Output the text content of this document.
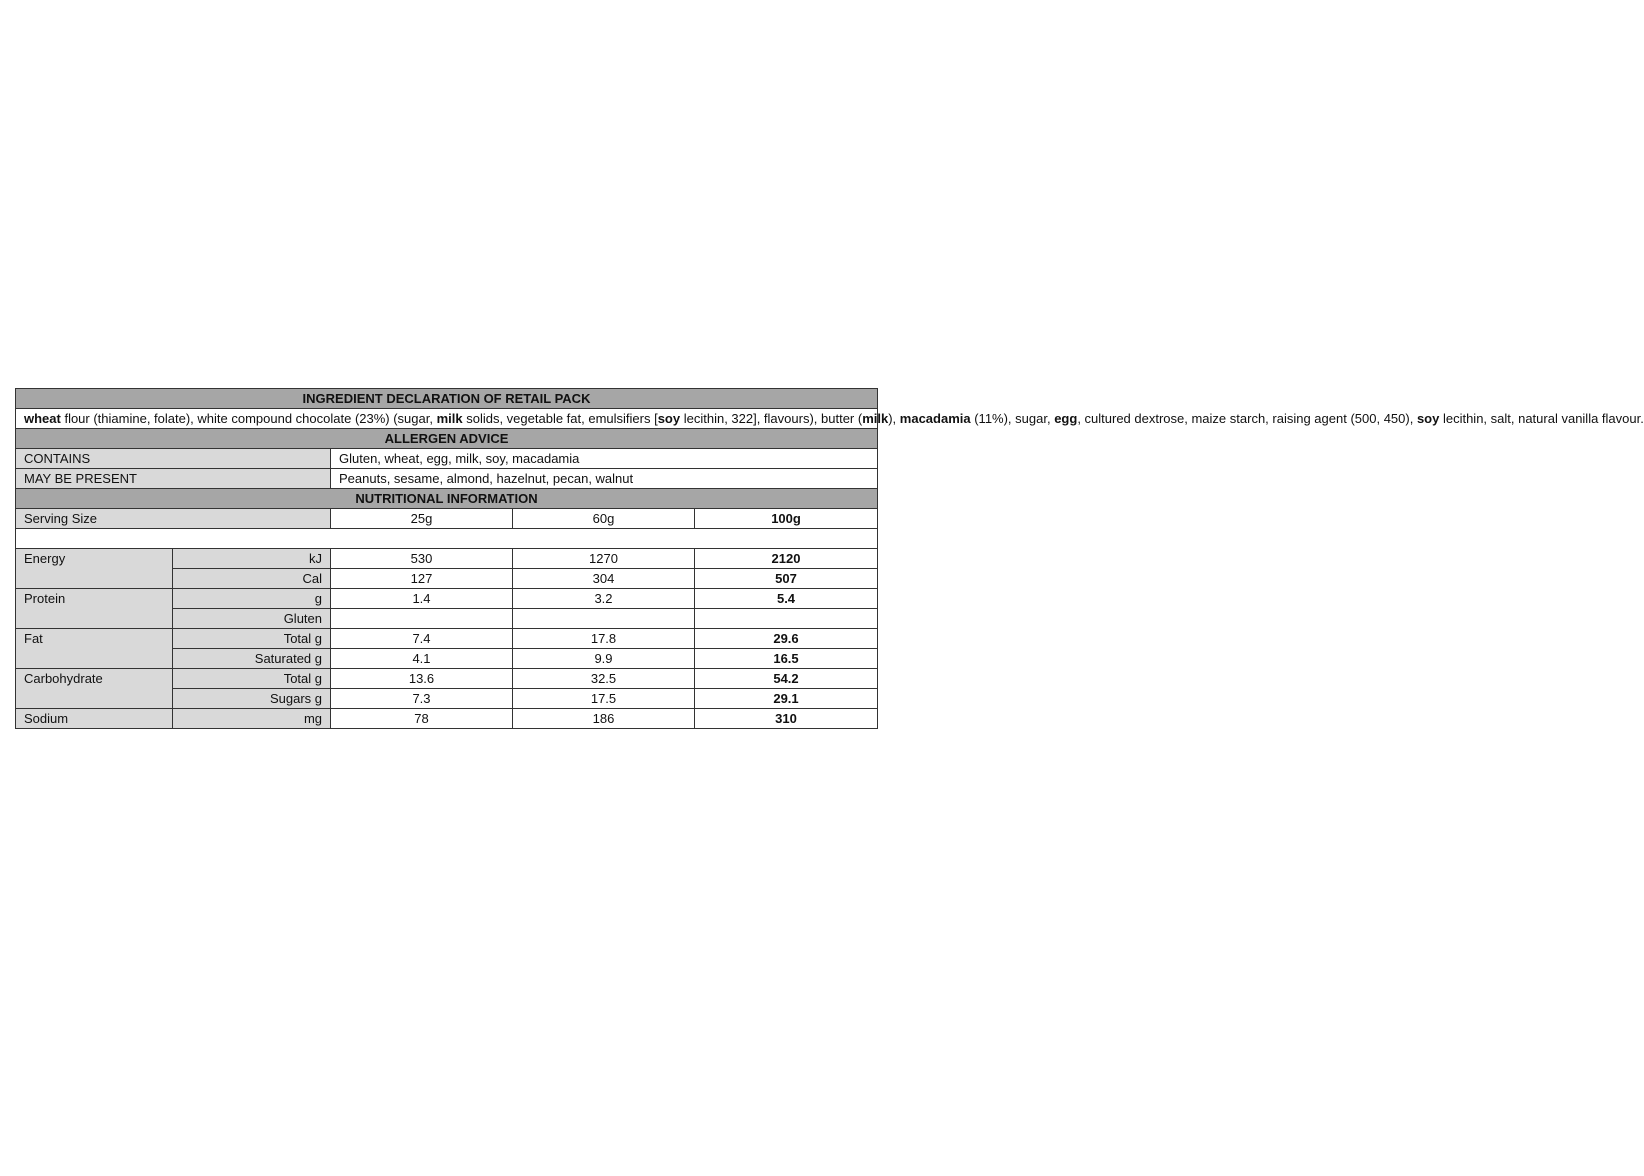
INGREDIENT DECLARATION OF RETAIL PACK				
wheat flour (thiamine, folate), white compound chocolate (23%) (sugar, milk solids, vegetable fat, emulsifiers [soy lecithin, 322], flavours), butter (milk), macadamia (11%), sugar, egg, cultured dextrose, maize starch, raising agent (500, 450), soy lecithin, salt, natural vanilla flavour.				
ALLERGEN ADVICE				
CONTAINS		Gluten, wheat, egg, milk, soy, macadamia		
MAY BE PRESENT		Peanuts, sesame, almond, hazelnut, pecan, walnut		
NUTRITIONAL INFORMATION				
Serving Size		25g	60g	100g

Energy	kJ	530	1270	2120
	Cal	127	304	507
Protein	g	1.4	3.2	5.4
	Gluten			
Fat	Total g	7.4	17.8	29.6
	Saturated g	4.1	9.9	16.5
Carbohydrate	Total g	13.6	32.5	54.2
	Sugars g	7.3	17.5	29.1
Sodium	mg	78	186	310
